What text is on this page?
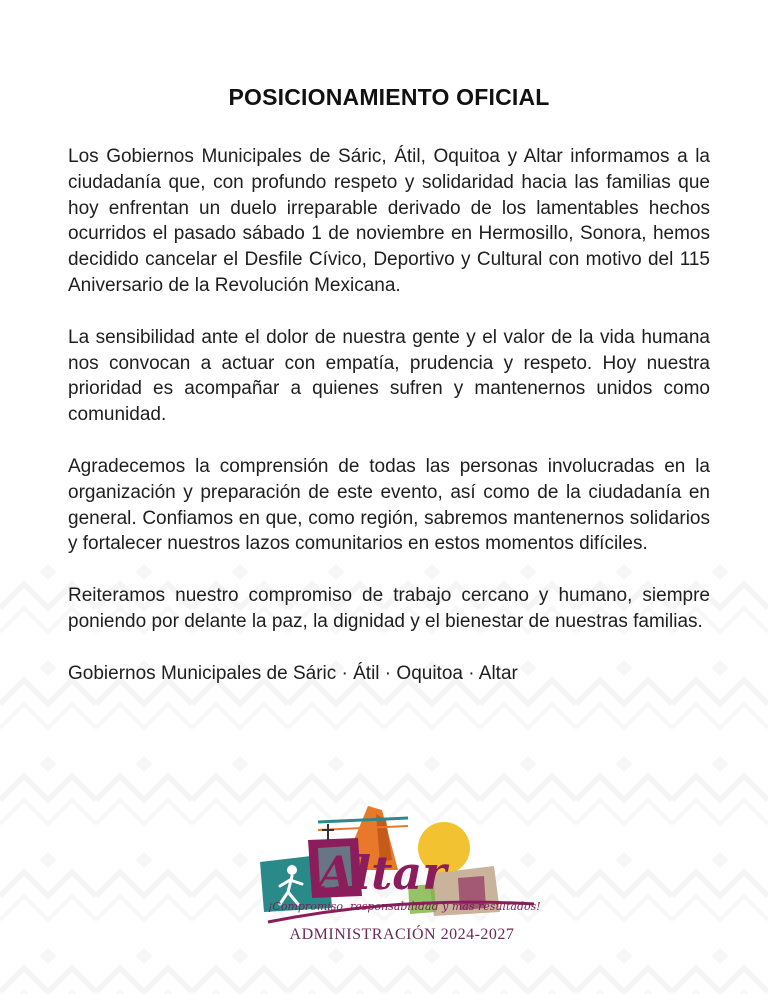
POSICIONAMIENTO OFICIAL

Los Gobiernos Municipales de Sáric, Átil, Oquitoa y Altar informamos a la ciudadanía que, con profundo respeto y solidaridad hacia las familias que hoy enfrentan un duelo irreparable derivado de los lamentables hechos ocurridos el pasado sábado 1 de noviembre en Hermosillo, Sonora, hemos decidido cancelar el Desfile Cívico, Deportivo y Cultural con motivo del 115 Aniversario de la Revolución Mexicana.

La sensibilidad ante el dolor de nuestra gente y el valor de la vida humana nos convocan a actuar con empatía, prudencia y respeto. Hoy nuestra prioridad es acompañar a quienes sufren y mantenernos unidos como comunidad.

Agradecemos la comprensión de todas las personas involucradas en la organización y preparación de este evento, así como de la ciudadanía en general. Confiamos en que, como región, sabremos mantenernos solidarios y fortalecer nuestros lazos comunitarios en estos momentos difíciles.

Reiteramos nuestro compromiso de trabajo cercano y humano, siempre poniendo por delante la paz, la dignidad y el bienestar de nuestras familias.

Gobiernos Municipales de Sáric · Átil · Oquitoa · Altar

Altar
¡Compromiso, responsabilidad y más resultados!
ADMINISTRACIÓN 2024-2027
